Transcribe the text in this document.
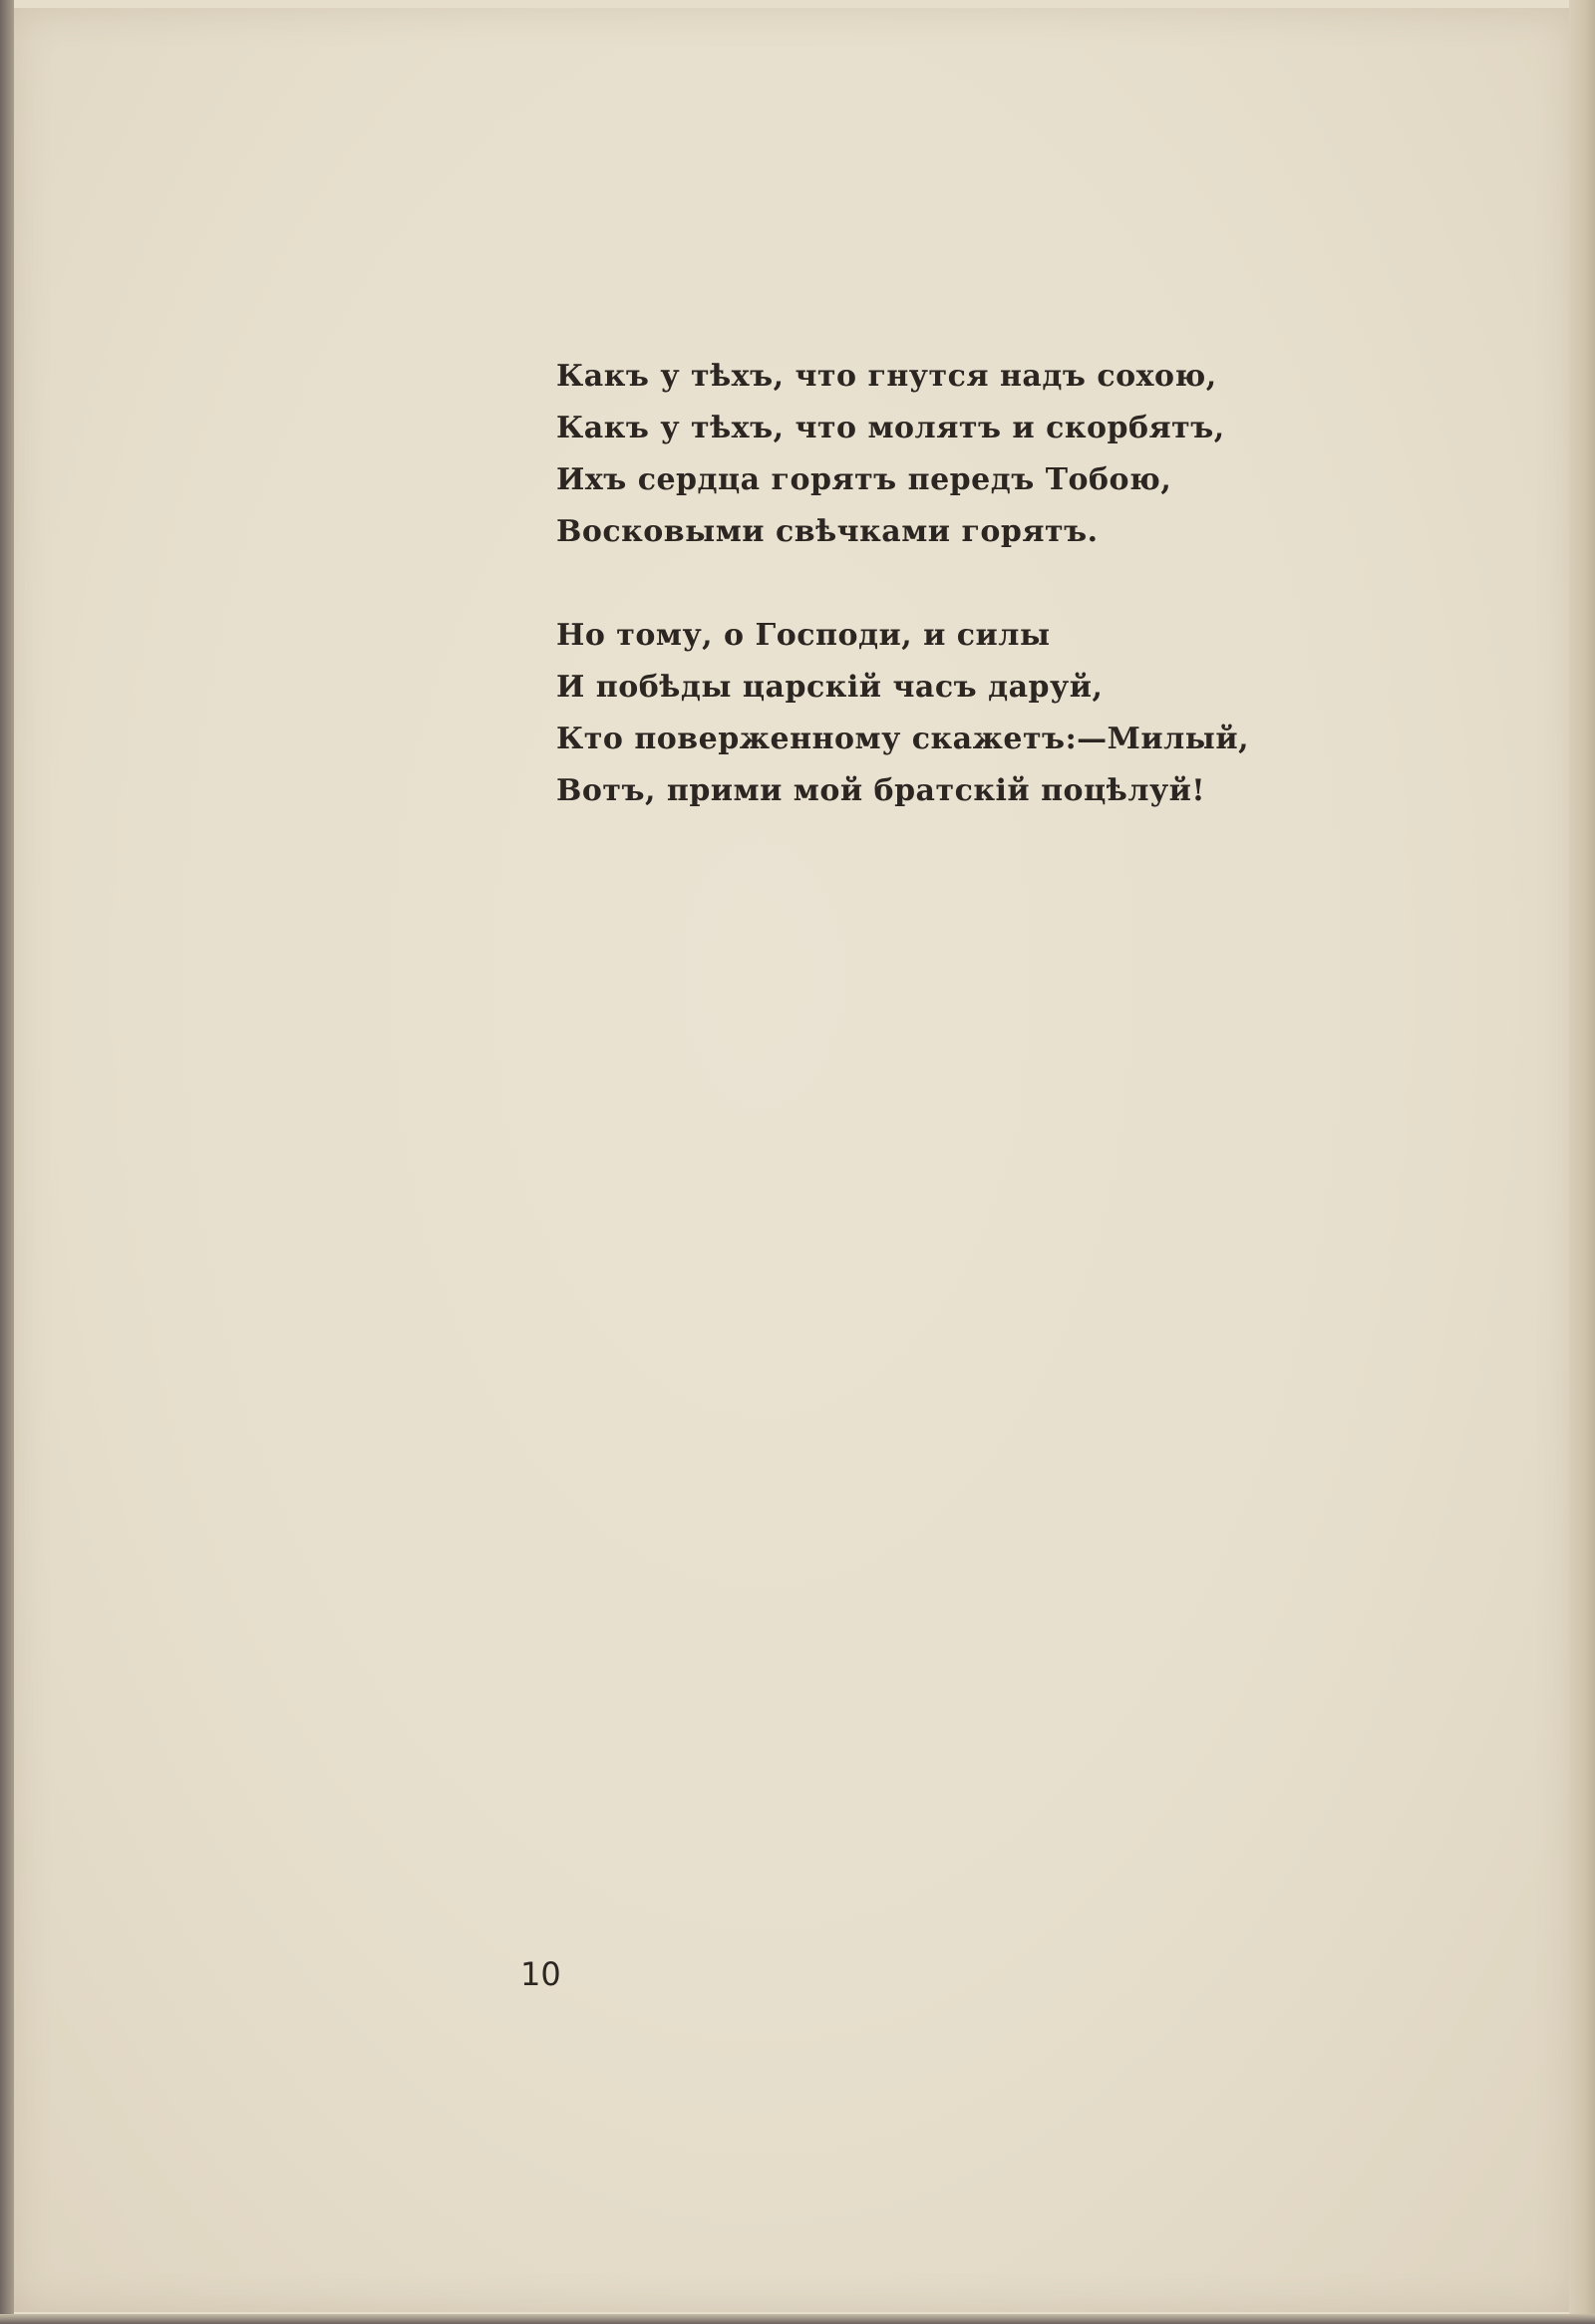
Какъ у тѣхъ, что гнутся надъ сохою,
Какъ у тѣхъ, что молятъ и скорбятъ,
Ихъ сердца горятъ передъ Тобою,
Восковыми свѣчками горятъ.
Но тому, о Господи, и силы
И побѣды царскій часъ даруй,
Кто поверженному скажетъ:—Милый,
Вотъ, прими мой братскій поцѣлуй!
10
